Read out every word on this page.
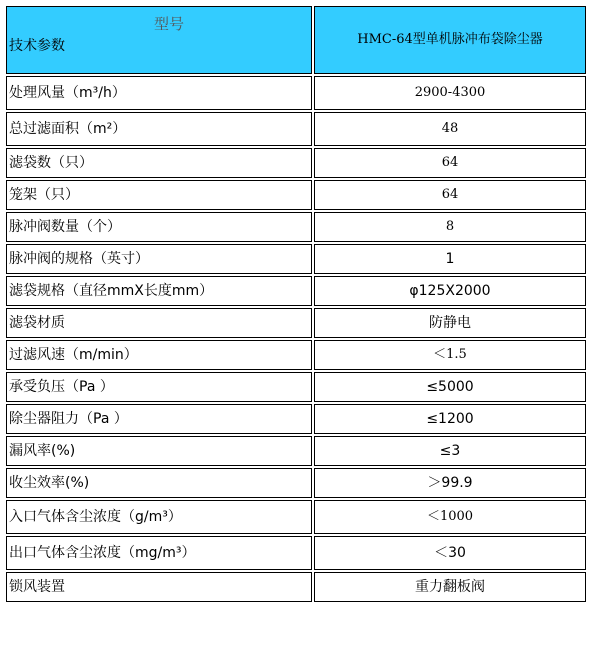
型号
技术参数	HMC-64型单机脉冲布袋除尘器
处理风量（m³/h）	2900-4300
总过滤面积（m²）	48
滤袋数（只）	64
笼架（只）	64
脉冲阀数量（个）	8
脉冲阀的规格（英寸）	1
滤袋规格（直径mmX长度mm）	φ125X2000
滤袋材质	防静电
过滤风速（m/min）	＜1.5
承受负压（Pa ）	≤5000
除尘器阻力（Pa ）	≤1200
漏风率(%)	≤3
收尘效率(%)	＞99.9
入口气体含尘浓度（g/m³）	＜1000
出口气体含尘浓度（mg/m³）	＜30
锁风装置	重力翻板阀
